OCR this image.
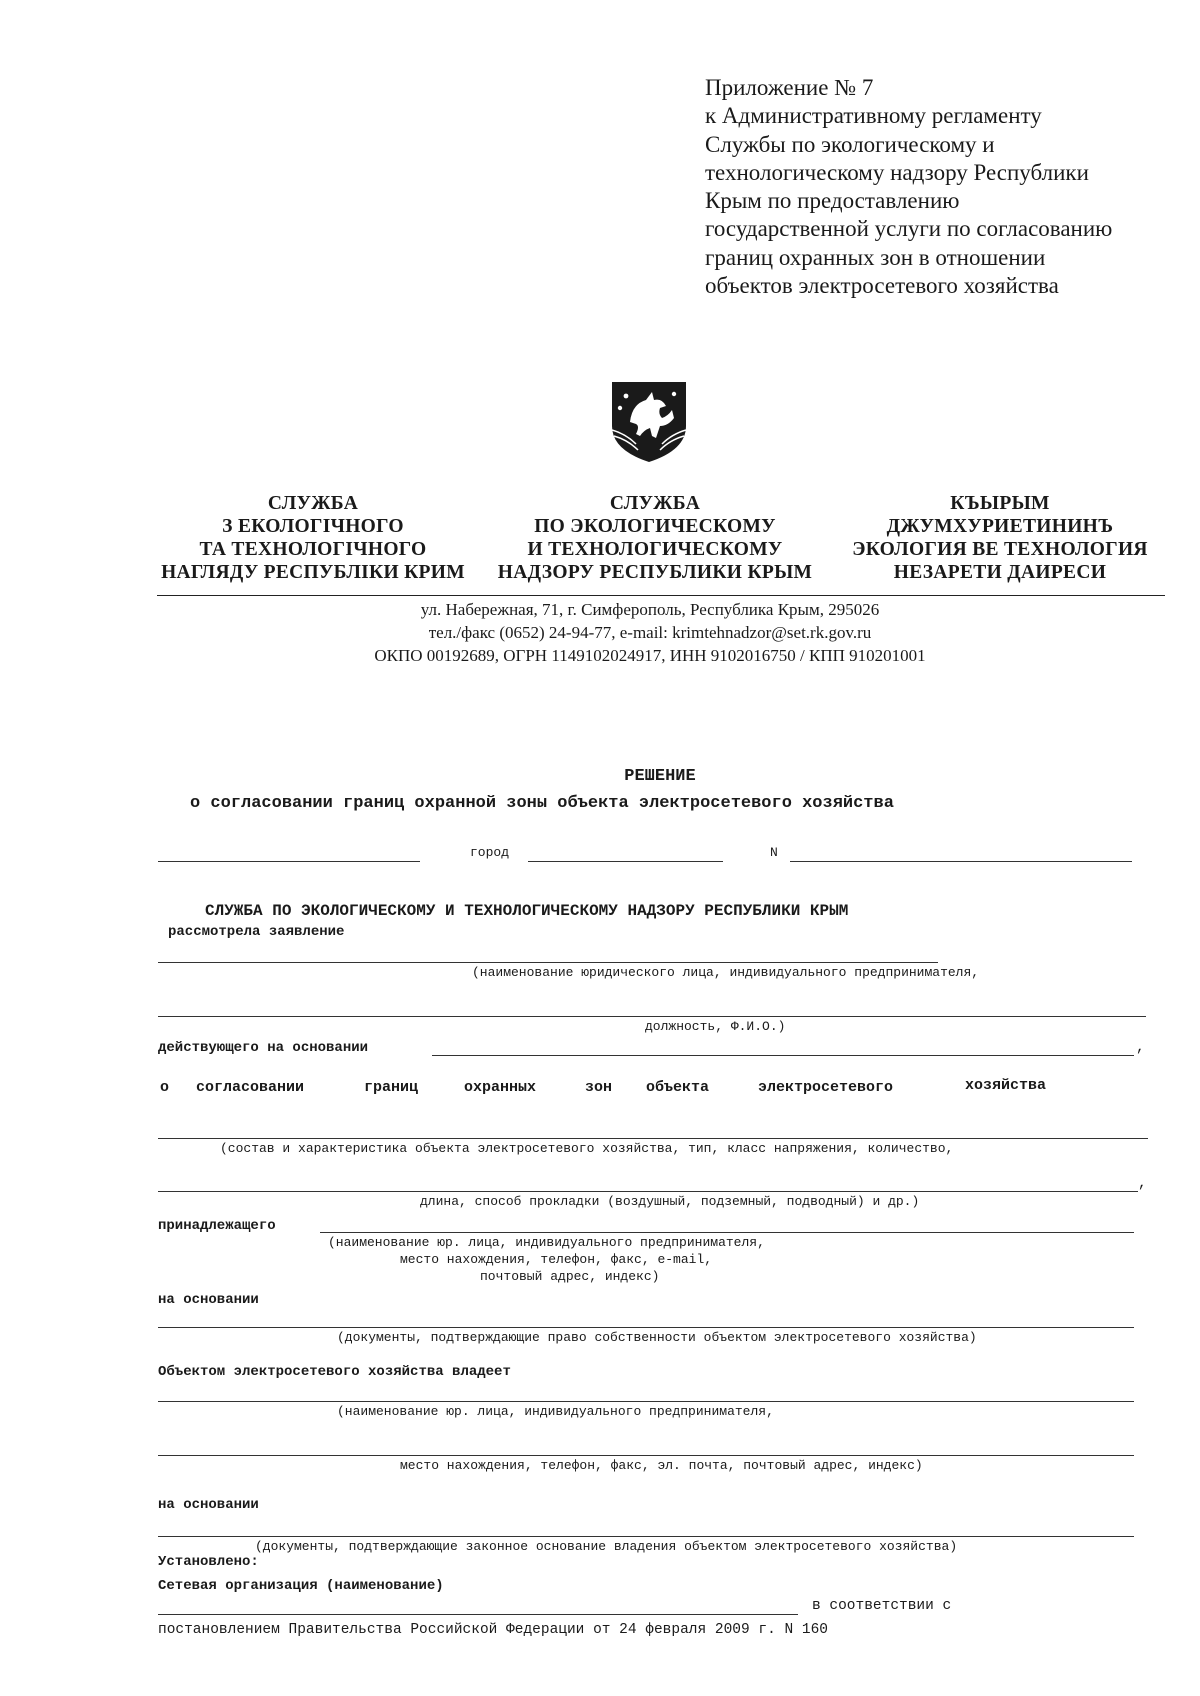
Приложение № 7
к Административному регламенту
Службы по экологическому и
технологическому надзору Республики
Крым по предоставлению
государственной услуги по согласованию
границ охранных зон в отношении
объектов электросетевого хозяйства
СЛУЖБА
З ЕКОЛОГІЧНОГО
ТА ТЕХНОЛОГІЧНОГО
НАГЛЯДУ РЕСПУБЛІКИ КРИМ
СЛУЖБА
ПО ЭКОЛОГИЧЕСКОМУ
И ТЕХНОЛОГИЧЕСКОМУ
НАДЗОРУ РЕСПУБЛИКИ КРЫМ
КЪЫРЫМ
ДЖУМХУРИЕТИНИНЪ
ЭКОЛОГИЯ ВЕ ТЕХНОЛОГИЯ
НЕЗАРЕТИ ДАИРЕСИ
ул. Набережная, 71, г. Симферополь, Республика Крым, 295026
тел./факс (0652) 24-94-77, e-mail: krimtehnadzor@set.rk.gov.ru
ОКПО 00192689, ОГРН 1149102024917, ИНН 9102016750 / КПП 910201001
РЕШЕНИЕ
о согласовании границ охранной зоны объекта электросетевого хозяйства
город	N
СЛУЖБА ПО ЭКОЛОГИЧЕСКОМУ И ТЕХНОЛОГИЧЕСКОМУ НАДЗОРУ РЕСПУБЛИКИ КРЫМ
рассмотрела заявление
(наименование юридического лица, индивидуального предпринимателя,
должность, Ф.И.О.)
действующего на основании	,
о согласовании	границ	охранных	зон объекта	электросетевого	хозяйства
(состав и характеристика объекта электросетевого хозяйства, тип, класс напряжения, количество,
,
длина, способ прокладки (воздушный, подземный, подводный) и др.)
принадлежащего
(наименование юр. лица, индивидуального предпринимателя,
место нахождения, телефон, факс, e-mail,
почтовый адрес, индекс)
на основании
(документы, подтверждающие право собственности объектом электросетевого хозяйства)
Объектом электросетевого хозяйства владеет
(наименование юр. лица, индивидуального предпринимателя,
место нахождения, телефон, факс, эл. почта, почтовый адрес, индекс)
на основании
(документы, подтверждающие законное основание владения объектом электросетевого хозяйства)
Установлено:
Сетевая организация (наименование)
в соответствии с
постановлением Правительства Российской Федерации от 24 февраля 2009 г. N 160
